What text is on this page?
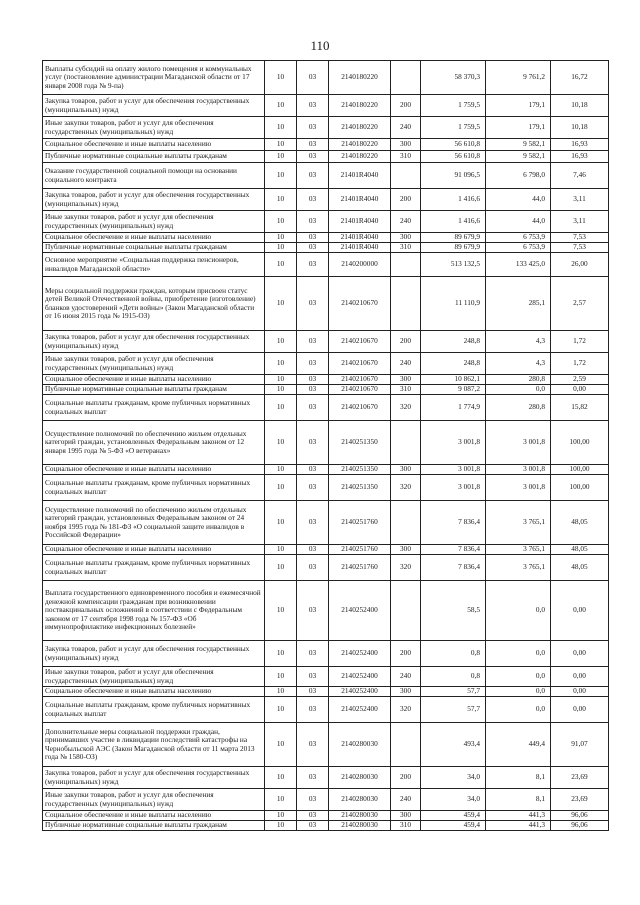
110
Выплаты субсидий на оплату жилого помещения и коммунальных услуг (постановление администрации Магаданской области от 17 января 2008 года № 9-па)	10	03	2140180220		58 370,3	9 761,2	16,72
Закупка товаров, работ и услуг для обеспечения государственных (муниципальных) нужд	10	03	2140180220	200	1 759,5	179,1	10,18
Иные закупки товаров, работ и услуг для обеспечения государственных (муниципальных) нужд	10	03	2140180220	240	1 759,5	179,1	10,18
Социальное обеспечение и иные выплаты населению	10	03	2140180220	300	56 610,8	9 582,1	16,93
Публичные нормативные социальные выплаты гражданам	10	03	2140180220	310	56 610,8	9 582,1	16,93
Оказание государственной социальной помощи на основании социального контракта	10	03	21401R4040		91 096,5	6 798,0	7,46
Закупка товаров, работ и услуг для обеспечения государственных (муниципальных) нужд	10	03	21401R4040	200	1 416,6	44,0	3,11
Иные закупки товаров, работ и услуг для обеспечения государственных (муниципальных) нужд	10	03	21401R4040	240	1 416,6	44,0	3,11
Социальное обеспечение и иные выплаты населению	10	03	21401R4040	300	89 679,9	6 753,9	7,53
Публичные нормативные социальные выплаты гражданам	10	03	21401R4040	310	89 679,9	6 753,9	7,53
Основное мероприятие «Социальная поддержка пенсионеров, инвалидов Магаданской области»	10	03	2140200000		513 132,5	133 425,0	26,00
Меры социальной поддержки граждан, которым присвоен статус детей Великой Отечественной войны, приобретение (изготовление) бланков удостоверений «Дети войны» (Закон Магаданской области от 16 июня 2015 года № 1915-ОЗ)	10	03	2140210670		11 110,9	285,1	2,57
Закупка товаров, работ и услуг для обеспечения государственных (муниципальных) нужд	10	03	2140210670	200	248,8	4,3	1,72
Иные закупки товаров, работ и услуг для обеспечения государственных (муниципальных) нужд	10	03	2140210670	240	248,8	4,3	1,72
Социальное обеспечение и иные выплаты населению	10	03	2140210670	300	10 862,1	280,8	2,59
Публичные нормативные социальные выплаты гражданам	10	03	2140210670	310	9 087,2	0,0	0,00
Социальные выплаты гражданам, кроме публичных нормативных социальных выплат	10	03	2140210670	320	1 774,9	280,8	15,82
Осуществление полномочий по обеспечению жильем отдельных категорий граждан, установленных Федеральным законом от 12 января 1995 года № 5-ФЗ «О ветеранах»	10	03	2140251350		3 001,8	3 001,8	100,00
Социальное обеспечение и иные выплаты населению	10	03	2140251350	300	3 001,8	3 001,8	100,00
Социальные выплаты гражданам, кроме публичных нормативных социальных выплат	10	03	2140251350	320	3 001,8	3 001,8	100,00
Осуществление полномочий по обеспечению жильем отдельных категорий граждан, установленных Федеральным законом от 24 ноября 1995 года № 181-ФЗ «О социальной защите инвалидов в Российской Федерации»	10	03	2140251760		7 836,4	3 765,1	48,05
Социальное обеспечение и иные выплаты населению	10	03	2140251760	300	7 836,4	3 765,1	48,05
Социальные выплаты гражданам, кроме публичных нормативных социальных выплат	10	03	2140251760	320	7 836,4	3 765,1	48,05
Выплата государственного единовременного пособия и ежемесячной денежной компенсации гражданам при возникновении поствакцинальных осложнений в соответствии с Федеральным законом от 17 сентября 1998 года № 157-ФЗ «Об иммунопрофилактике инфекционных болезней»	10	03	2140252400		58,5	0,0	0,00
Закупка товаров, работ и услуг для обеспечения государственных (муниципальных) нужд	10	03	2140252400	200	0,8	0,0	0,00
Иные закупки товаров, работ и услуг для обеспечения государственных (муниципальных) нужд	10	03	2140252400	240	0,8	0,0	0,00
Социальное обеспечение и иные выплаты населению	10	03	2140252400	300	57,7	0,0	0,00
Социальные выплаты гражданам, кроме публичных нормативных социальных выплат	10	03	2140252400	320	57,7	0,0	0,00
Дополнительные меры социальной поддержки граждан, принимавших участие в ликвидации последствий катастрофы на Чернобыльской АЭС (Закон Магаданской области от 11 марта 2013 года № 1580-ОЗ)	10	03	2140280030		493,4	449,4	91,07
Закупка товаров, работ и услуг для обеспечения государственных (муниципальных) нужд	10	03	2140280030	200	34,0	8,1	23,69
Иные закупки товаров, работ и услуг для обеспечения государственных (муниципальных) нужд	10	03	2140280030	240	34,0	8,1	23,69
Социальное обеспечение и иные выплаты населению	10	03	2140280030	300	459,4	441,3	96,06
Публичные нормативные социальные выплаты гражданам	10	03	2140280030	310	459,4	441,3	96,06
